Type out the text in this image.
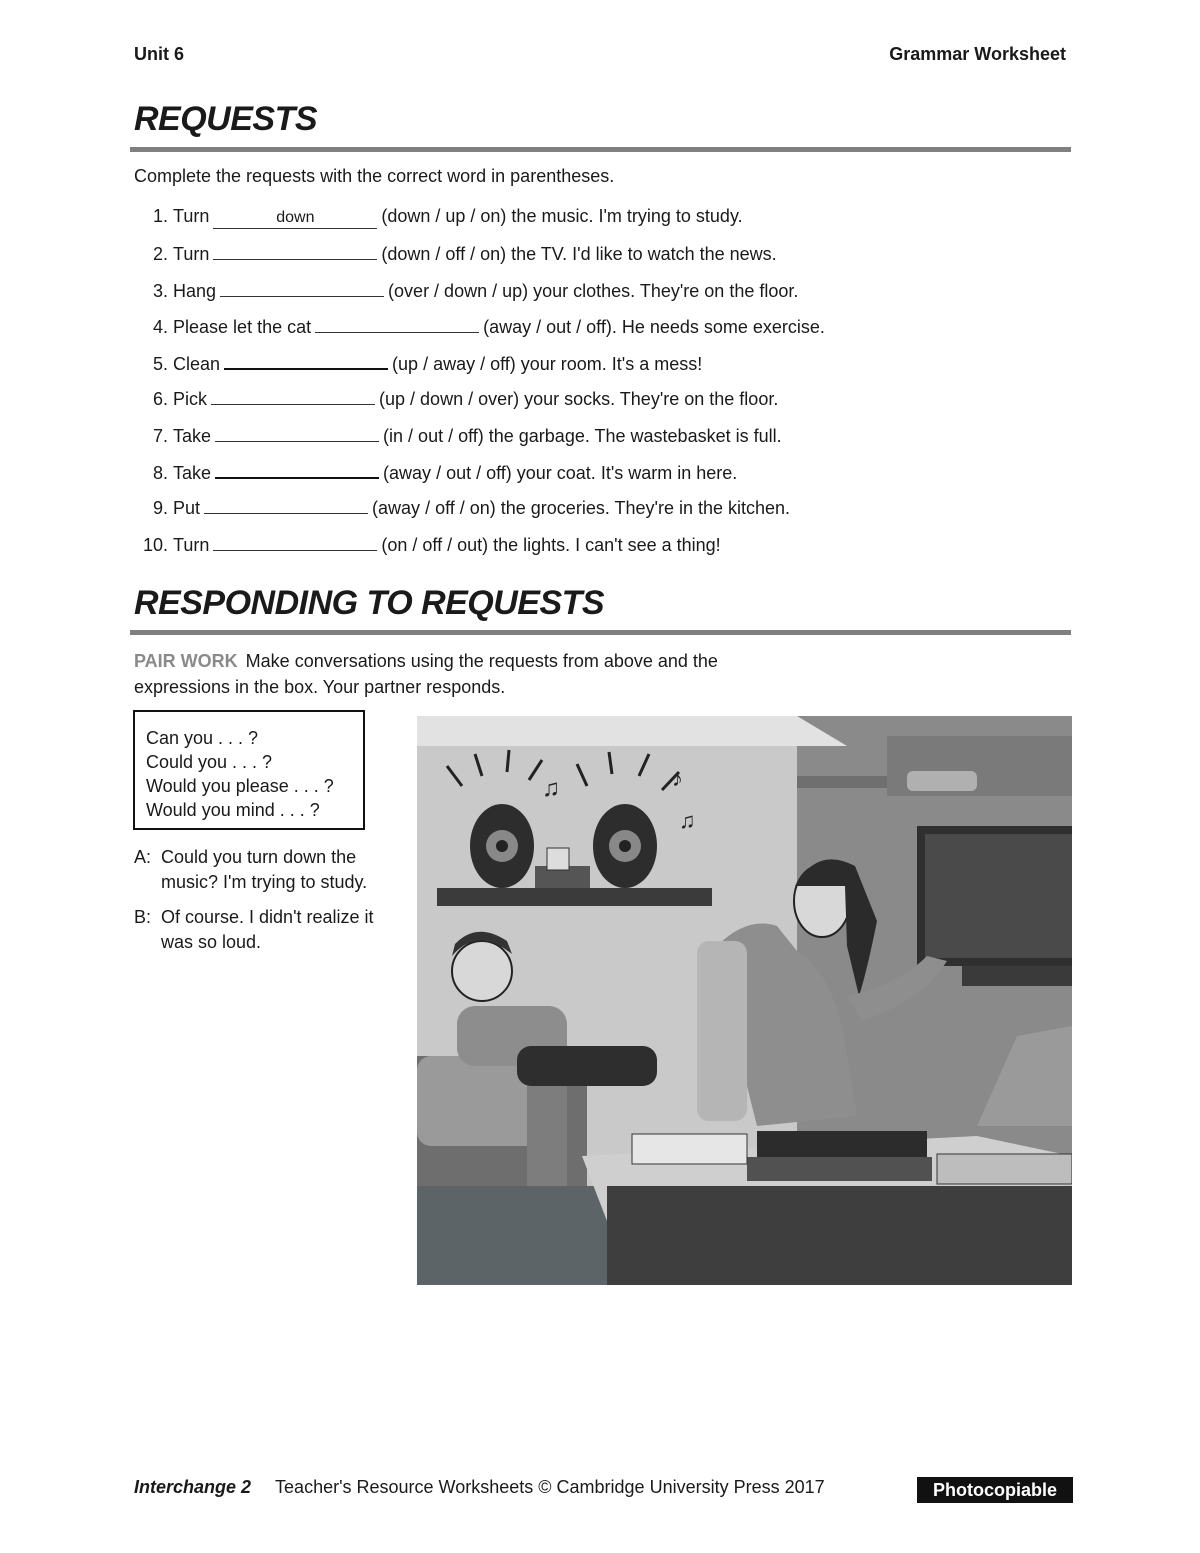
Unit 6	Grammar Worksheet
REQUESTS
Complete the requests with the correct word in parentheses.
1.
Turn	down	(down / up / on) the music. I'm trying to study.
2.
Turn	(down / off / on) the TV. I'd like to watch the news.
3.
Hang	(over / down / up) your clothes. They're on the floor.
4.
Please let the cat	(away / out / off). He needs some exercise.
5.
Clean	(up / away / off) your room. It's a mess!
6.
Pick	(up / down / over) your socks. They're on the floor.
7.
Take	(in / out / off) the garbage. The wastebasket is full.
8.
Take	(away / out / off) your coat. It's warm in here.
9.
Put	(away / off / on) the groceries. They're in the kitchen.
10.
Turn	(on / off / out) the lights. I can't see a thing!
RESPONDING TO REQUESTS
PAIR WORK Make conversations using the requests from above and the expressions in the box. Your partner responds.
Can you . . . ?
Could you . . . ?
Would you please . . . ?
Would you mind . . . ?
A: Could you turn down the music? I'm trying to study.
B: Of course. I didn't realize it was so loud.
♫	♪
♫
Interchange 2 Teacher's Resource Worksheets © Cambridge University Press 2017	Photocopiable
